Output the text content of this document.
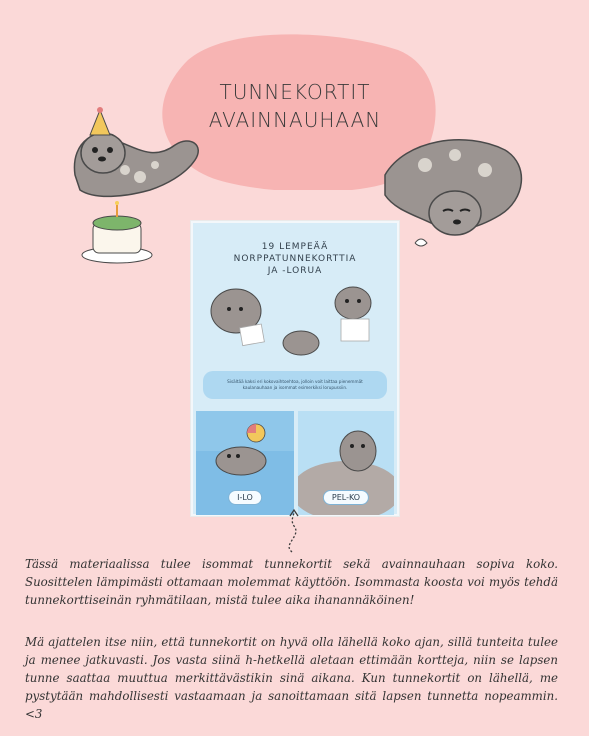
TUNNEKORTIT
AVAINNAUHAAN
19 LEMPEÄÄ
NORPPATUNNEKORTTIA
JA -LORUA
Sisältää kaksi eri kokovaihtoehtoa, jolloin voit laittaa pienemmät kaulanauhaan ja isommat esimerkiksi lorupussiin.
I-LO	PEL-KO
Tässä materiaalissa tulee isommat tunnekortit sekä avainnauhaan sopiva koko. Suosittelen lämpimästi ottamaan molemmat käyttöön. Isommasta koosta voi myös tehdä tunnekorttiseinän ryhmätilaan, mistä tulee aika ihanannäköinen!
Mä ajattelen itse niin, että tunnekortit on hyvä olla lähellä koko ajan, sillä tunteita tulee ja menee jatkuvasti. Jos vasta siinä h-hetkellä aletaan ettimään kortteja, niin se lapsen tunne saattaa muuttua merkittävästikin sinä aikana. Kun tunnekortit on lähellä, me pystytään mahdollisesti vastaamaan ja sanoittamaan sitä lapsen tunnetta nopeammin. <3
